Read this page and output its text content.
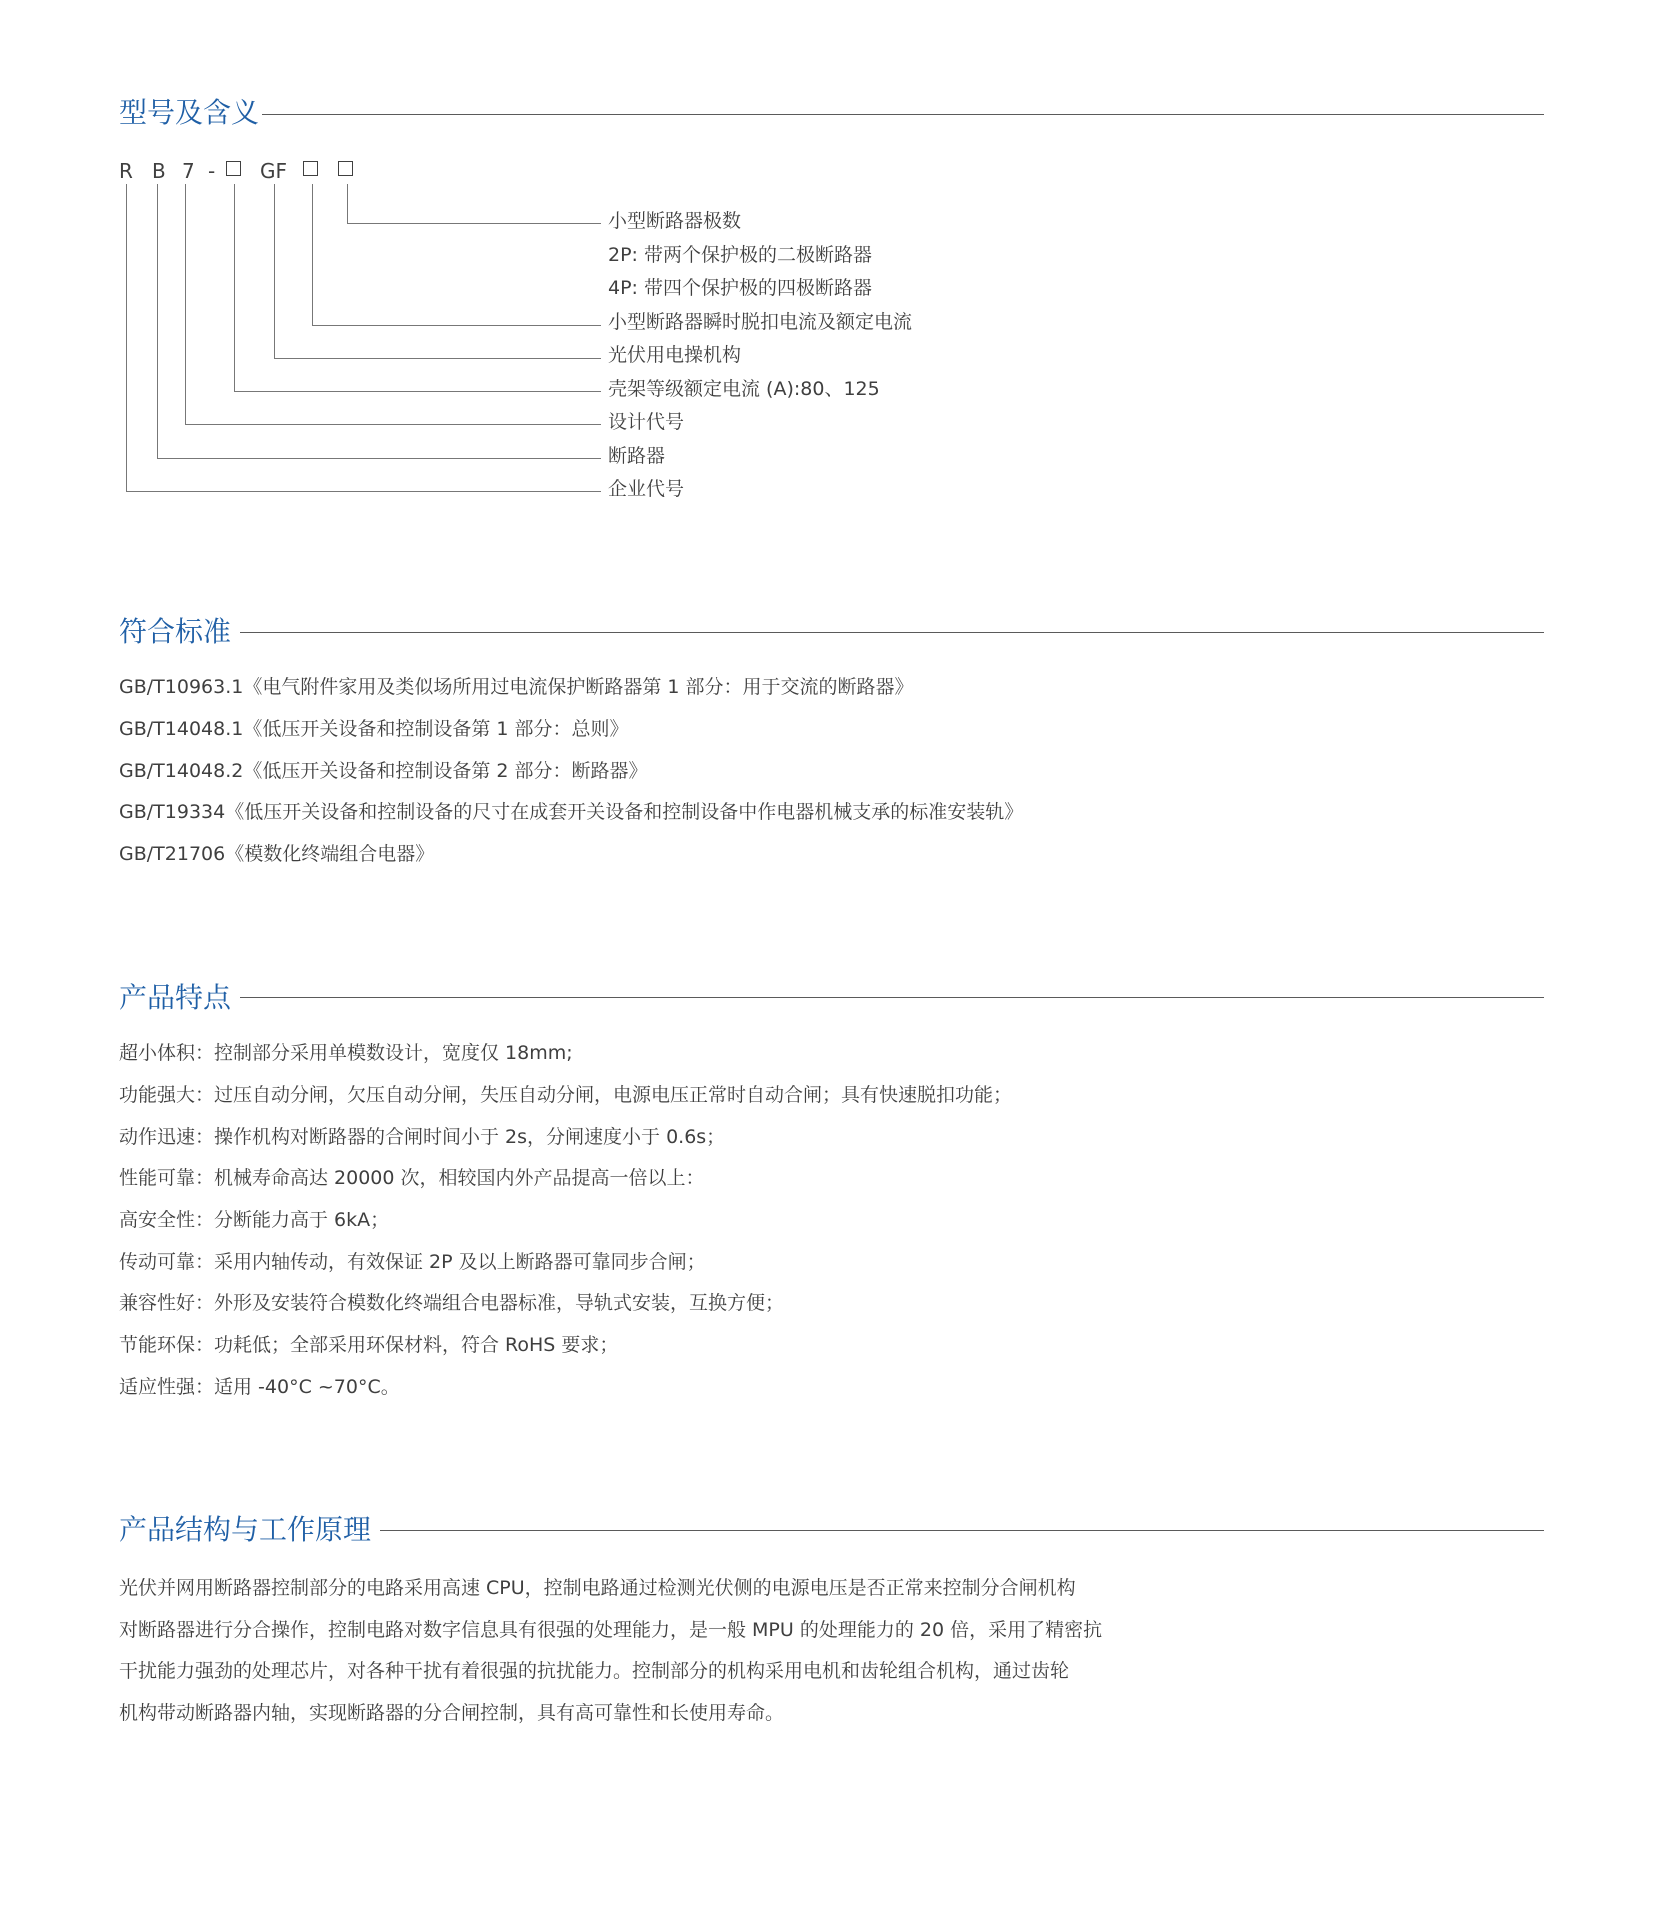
型号及含义
R B 7 - GF
小型断路器极数
2P: 带两个保护极的二极断路器
4P: 带四个保护极的四极断路器
小型断路器瞬时脱扣电流及额定电流
光伏用电操机构
壳架等级额定电流 (A):80、125
设计代号
断路器
企业代号
符合标准
GB/T10963.1《电气附件家用及类似场所用过电流保护断路器第 1 部分：用于交流的断路器》
GB/T14048.1《低压开关设备和控制设备第 1 部分：总则》
GB/T14048.2《低压开关设备和控制设备第 2 部分：断路器》
GB/T19334《低压开关设备和控制设备的尺寸在成套开关设备和控制设备中作电器机械支承的标准安装轨》
GB/T21706《模数化终端组合电器》
产品特点
超小体积：控制部分采用单模数设计，宽度仅 18mm;
功能强大：过压自动分闸，欠压自动分闸，失压自动分闸，电源电压正常时自动合闸；具有快速脱扣功能；
动作迅速：操作机构对断路器的合闸时间小于 2s，分闸速度小于 0.6s；
性能可靠：机械寿命高达 20000 次，相较国内外产品提高一倍以上：
高安全性：分断能力高于 6kA；
传动可靠：采用内轴传动，有效保证 2P 及以上断路器可靠同步合闸；
兼容性好：外形及安装符合模数化终端组合电器标准，导轨式安装，互换方便；
节能环保：功耗低；全部采用环保材料，符合 RoHS 要求；
适应性强：适用 -40°C ~70°C。
产品结构与工作原理
光伏并网用断路器控制部分的电路采用高速 CPU，控制电路通过检测光伏侧的电源电压是否正常来控制分合闸机构
对断路器进行分合操作，控制电路对数字信息具有很强的处理能力，是一般 MPU 的处理能力的 20 倍，采用了精密抗
干扰能力强劲的处理芯片，对各种干扰有着很强的抗扰能力。控制部分的机构采用电机和齿轮组合机构，通过齿轮
机构带动断路器内轴，实现断路器的分合闸控制，具有高可靠性和长使用寿命。
